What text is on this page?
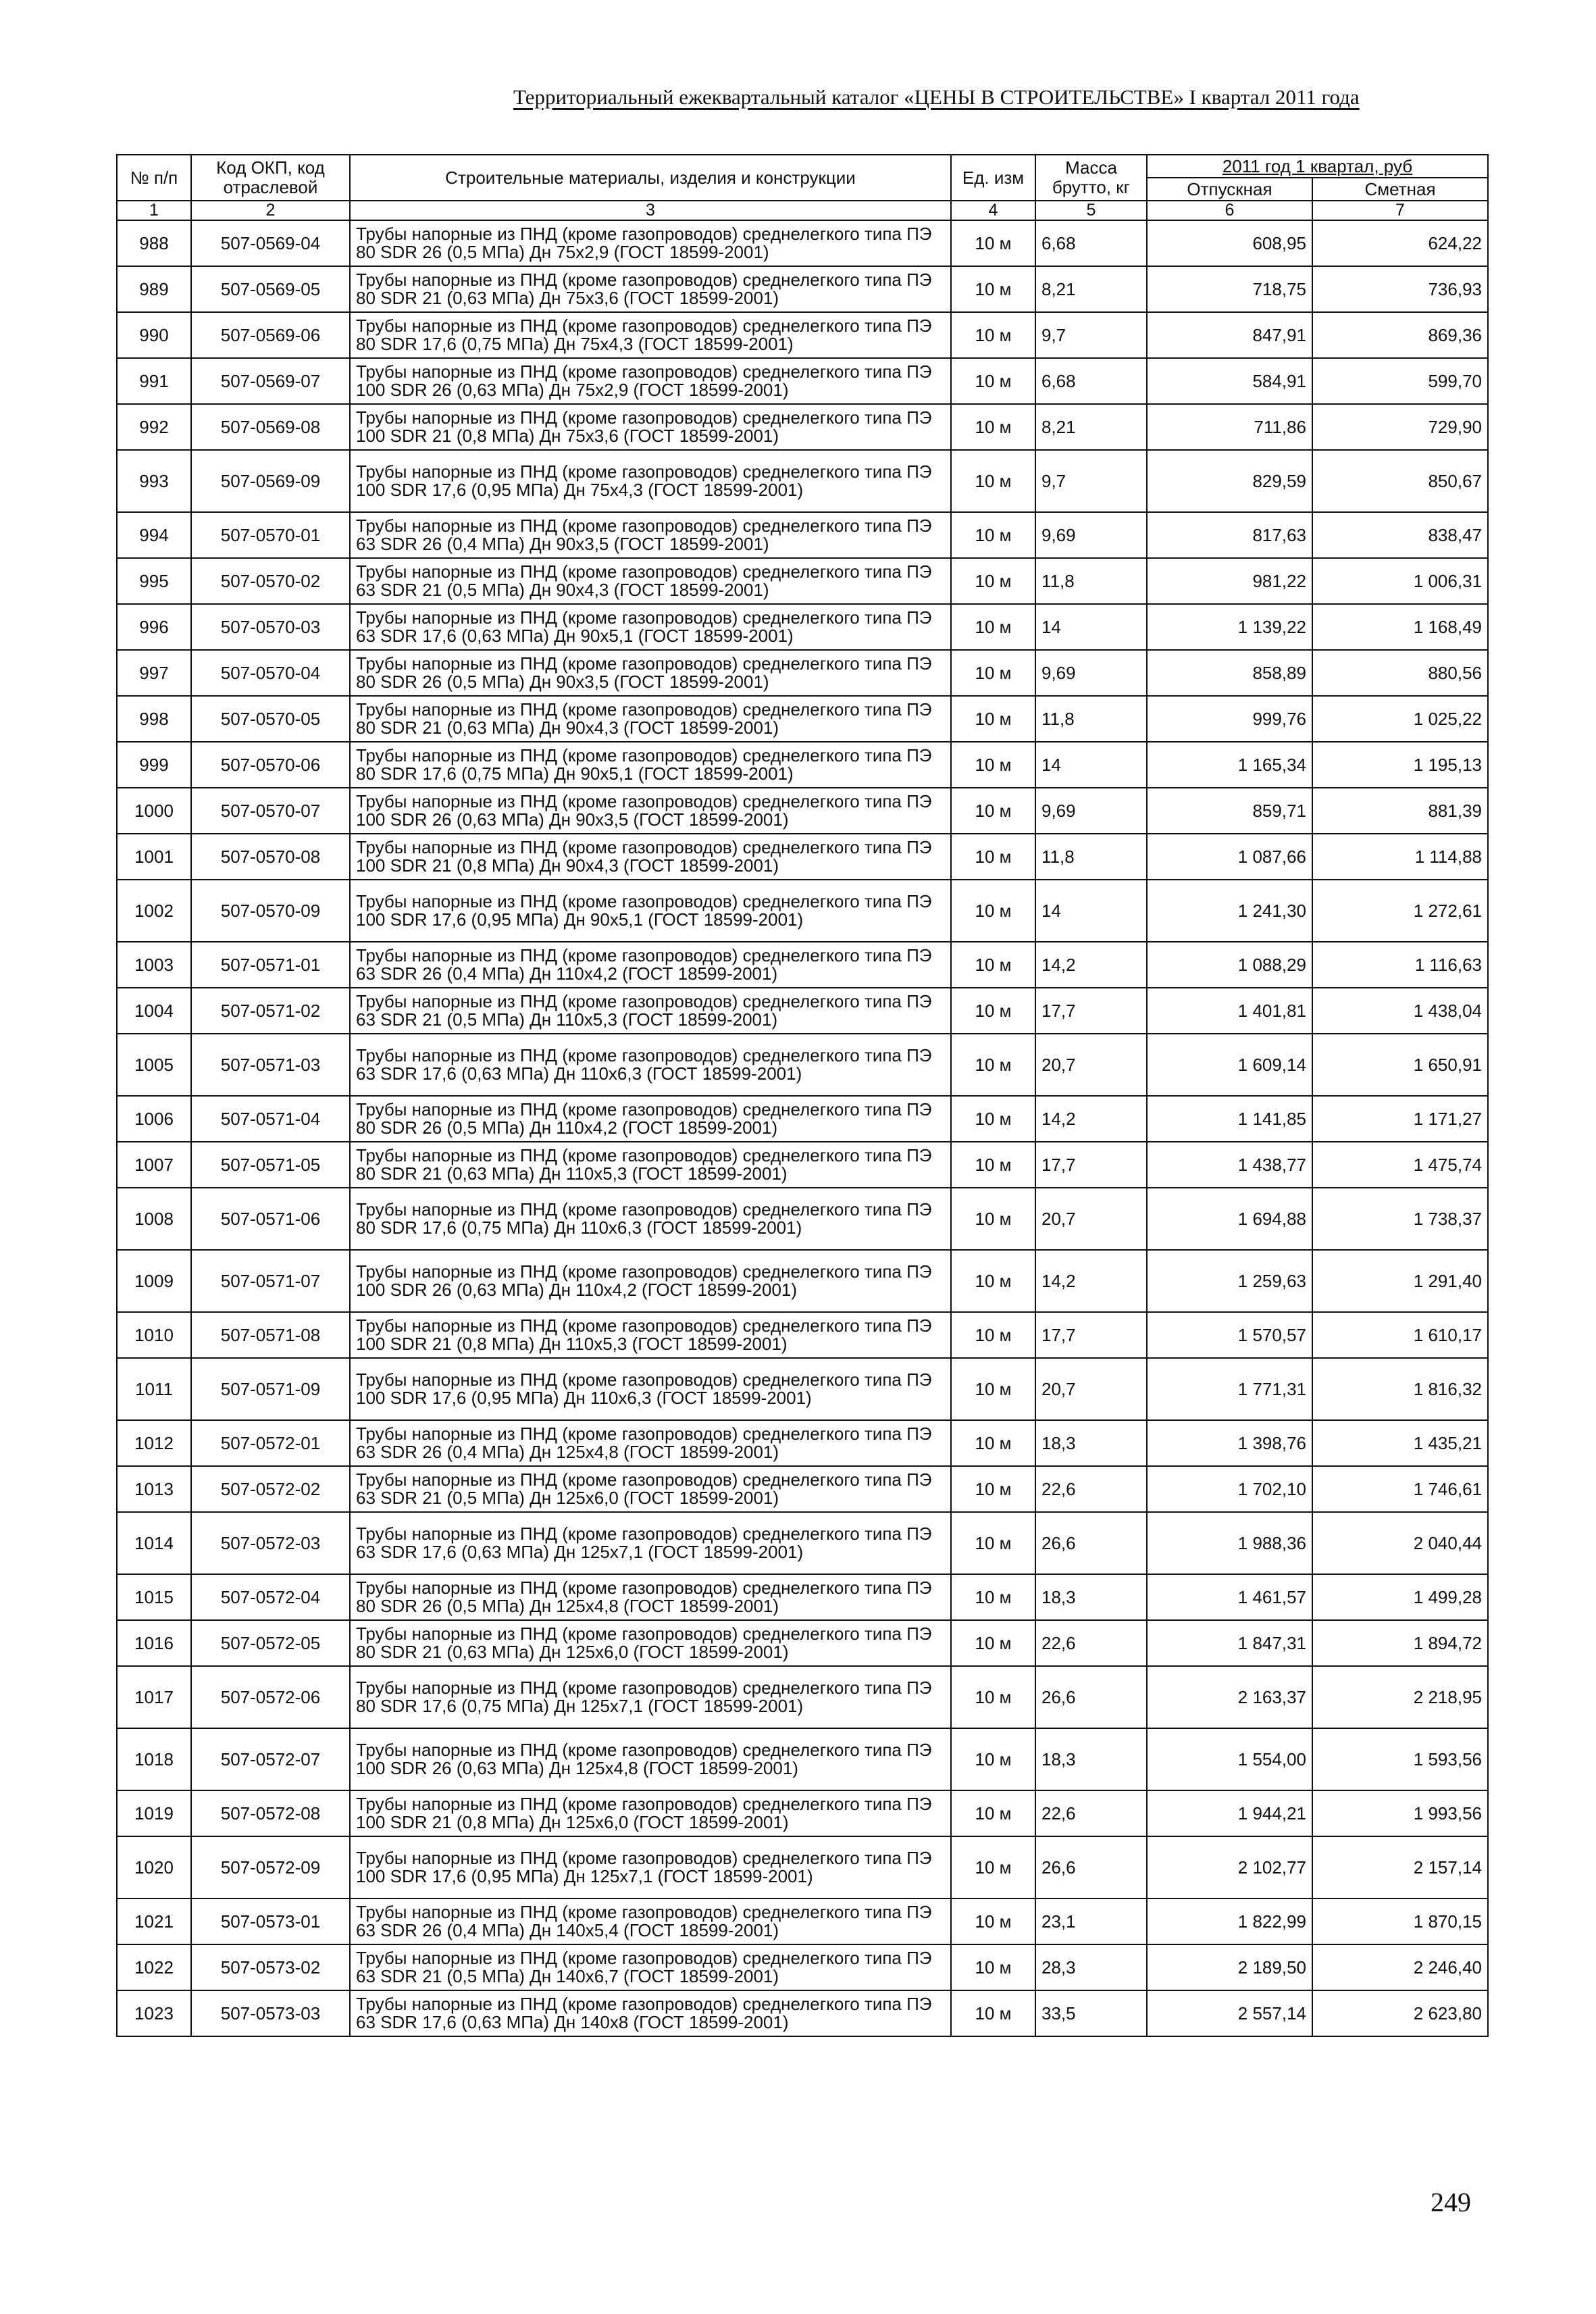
Территориальный ежеквартальный каталог «ЦЕНЫ В СТРОИТЕЛЬСТВЕ» I квартал 2011 года
№ п/п	Код ОКП, код отраслевой	Строительные материалы, изделия и конструкции	Ед. изм	Масса брутто, кг	2011 год 1 квартал, руб	
					Отпускная	Сметная
1	2	3	4	5	6	7
988	507-0569-04	Трубы напорные из ПНД (кроме газопроводов) среднелегкого типа ПЭ 80 SDR 26 (0,5 МПа) Дн 75х2,9 (ГОСТ 18599-2001)	10 м	6,68	608,95	624,22
989	507-0569-05	Трубы напорные из ПНД (кроме газопроводов) среднелегкого типа ПЭ 80 SDR 21 (0,63 МПа) Дн 75х3,6 (ГОСТ 18599-2001)	10 м	8,21	718,75	736,93
990	507-0569-06	Трубы напорные из ПНД (кроме газопроводов) среднелегкого типа ПЭ 80 SDR 17,6 (0,75 МПа) Дн 75х4,3 (ГОСТ 18599-2001)	10 м	9,7	847,91	869,36
991	507-0569-07	Трубы напорные из ПНД (кроме газопроводов) среднелегкого типа ПЭ 100 SDR 26 (0,63 МПа) Дн 75х2,9 (ГОСТ 18599-2001)	10 м	6,68	584,91	599,70
992	507-0569-08	Трубы напорные из ПНД (кроме газопроводов) среднелегкого типа ПЭ 100 SDR 21 (0,8 МПа) Дн 75х3,6 (ГОСТ 18599-2001)	10 м	8,21	711,86	729,90
993	507-0569-09	Трубы напорные из ПНД (кроме газопроводов) среднелегкого типа ПЭ 100 SDR 17,6 (0,95 МПа) Дн 75х4,3 (ГОСТ 18599-2001)	10 м	9,7	829,59	850,67
994	507-0570-01	Трубы напорные из ПНД (кроме газопроводов) среднелегкого типа ПЭ 63 SDR 26 (0,4 МПа) Дн 90х3,5 (ГОСТ 18599-2001)	10 м	9,69	817,63	838,47
995	507-0570-02	Трубы напорные из ПНД (кроме газопроводов) среднелегкого типа ПЭ 63 SDR 21 (0,5 МПа) Дн 90х4,3 (ГОСТ 18599-2001)	10 м	11,8	981,22	1 006,31
996	507-0570-03	Трубы напорные из ПНД (кроме газопроводов) среднелегкого типа ПЭ 63 SDR 17,6 (0,63 МПа) Дн 90х5,1 (ГОСТ 18599-2001)	10 м	14	1 139,22	1 168,49
997	507-0570-04	Трубы напорные из ПНД (кроме газопроводов) среднелегкого типа ПЭ 80 SDR 26 (0,5 МПа) Дн 90х3,5 (ГОСТ 18599-2001)	10 м	9,69	858,89	880,56
998	507-0570-05	Трубы напорные из ПНД (кроме газопроводов) среднелегкого типа ПЭ 80 SDR 21 (0,63 МПа) Дн 90х4,3 (ГОСТ 18599-2001)	10 м	11,8	999,76	1 025,22
999	507-0570-06	Трубы напорные из ПНД (кроме газопроводов) среднелегкого типа ПЭ 80 SDR 17,6 (0,75 МПа) Дн 90х5,1 (ГОСТ 18599-2001)	10 м	14	1 165,34	1 195,13
1000	507-0570-07	Трубы напорные из ПНД (кроме газопроводов) среднелегкого типа ПЭ 100 SDR 26 (0,63 МПа) Дн 90х3,5 (ГОСТ 18599-2001)	10 м	9,69	859,71	881,39
1001	507-0570-08	Трубы напорные из ПНД (кроме газопроводов) среднелегкого типа ПЭ 100 SDR 21 (0,8 МПа) Дн 90х4,3 (ГОСТ 18599-2001)	10 м	11,8	1 087,66	1 114,88
1002	507-0570-09	Трубы напорные из ПНД (кроме газопроводов) среднелегкого типа ПЭ 100 SDR 17,6 (0,95 МПа) Дн 90х5,1 (ГОСТ 18599-2001)	10 м	14	1 241,30	1 272,61
1003	507-0571-01	Трубы напорные из ПНД (кроме газопроводов) среднелегкого типа ПЭ 63 SDR 26 (0,4 МПа) Дн 110х4,2 (ГОСТ 18599-2001)	10 м	14,2	1 088,29	1 116,63
1004	507-0571-02	Трубы напорные из ПНД (кроме газопроводов) среднелегкого типа ПЭ 63 SDR 21 (0,5 МПа) Дн 110х5,3 (ГОСТ 18599-2001)	10 м	17,7	1 401,81	1 438,04
1005	507-0571-03	Трубы напорные из ПНД (кроме газопроводов) среднелегкого типа ПЭ 63 SDR 17,6 (0,63 МПа) Дн 110х6,3 (ГОСТ 18599-2001)	10 м	20,7	1 609,14	1 650,91
1006	507-0571-04	Трубы напорные из ПНД (кроме газопроводов) среднелегкого типа ПЭ 80 SDR 26 (0,5 МПа) Дн 110х4,2 (ГОСТ 18599-2001)	10 м	14,2	1 141,85	1 171,27
1007	507-0571-05	Трубы напорные из ПНД (кроме газопроводов) среднелегкого типа ПЭ 80 SDR 21 (0,63 МПа) Дн 110х5,3 (ГОСТ 18599-2001)	10 м	17,7	1 438,77	1 475,74
1008	507-0571-06	Трубы напорные из ПНД (кроме газопроводов) среднелегкого типа ПЭ 80 SDR 17,6 (0,75 МПа) Дн 110х6,3 (ГОСТ 18599-2001)	10 м	20,7	1 694,88	1 738,37
1009	507-0571-07	Трубы напорные из ПНД (кроме газопроводов) среднелегкого типа ПЭ 100 SDR 26 (0,63 МПа) Дн 110х4,2 (ГОСТ 18599-2001)	10 м	14,2	1 259,63	1 291,40
1010	507-0571-08	Трубы напорные из ПНД (кроме газопроводов) среднелегкого типа ПЭ 100 SDR 21 (0,8 МПа) Дн 110х5,3 (ГОСТ 18599-2001)	10 м	17,7	1 570,57	1 610,17
1011	507-0571-09	Трубы напорные из ПНД (кроме газопроводов) среднелегкого типа ПЭ 100 SDR 17,6 (0,95 МПа) Дн 110х6,3 (ГОСТ 18599-2001)	10 м	20,7	1 771,31	1 816,32
1012	507-0572-01	Трубы напорные из ПНД (кроме газопроводов) среднелегкого типа ПЭ 63 SDR 26 (0,4 МПа) Дн 125х4,8 (ГОСТ 18599-2001)	10 м	18,3	1 398,76	1 435,21
1013	507-0572-02	Трубы напорные из ПНД (кроме газопроводов) среднелегкого типа ПЭ 63 SDR 21 (0,5 МПа) Дн 125х6,0 (ГОСТ 18599-2001)	10 м	22,6	1 702,10	1 746,61
1014	507-0572-03	Трубы напорные из ПНД (кроме газопроводов) среднелегкого типа ПЭ 63 SDR 17,6 (0,63 МПа) Дн 125х7,1 (ГОСТ 18599-2001)	10 м	26,6	1 988,36	2 040,44
1015	507-0572-04	Трубы напорные из ПНД (кроме газопроводов) среднелегкого типа ПЭ 80 SDR 26 (0,5 МПа) Дн 125х4,8 (ГОСТ 18599-2001)	10 м	18,3	1 461,57	1 499,28
1016	507-0572-05	Трубы напорные из ПНД (кроме газопроводов) среднелегкого типа ПЭ 80 SDR 21 (0,63 МПа) Дн 125х6,0 (ГОСТ 18599-2001)	10 м	22,6	1 847,31	1 894,72
1017	507-0572-06	Трубы напорные из ПНД (кроме газопроводов) среднелегкого типа ПЭ 80 SDR 17,6 (0,75 МПа) Дн 125х7,1 (ГОСТ 18599-2001)	10 м	26,6	2 163,37	2 218,95
1018	507-0572-07	Трубы напорные из ПНД (кроме газопроводов) среднелегкого типа ПЭ 100 SDR 26 (0,63 МПа) Дн 125х4,8 (ГОСТ 18599-2001)	10 м	18,3	1 554,00	1 593,56
1019	507-0572-08	Трубы напорные из ПНД (кроме газопроводов) среднелегкого типа ПЭ 100 SDR 21 (0,8 МПа) Дн 125х6,0 (ГОСТ 18599-2001)	10 м	22,6	1 944,21	1 993,56
1020	507-0572-09	Трубы напорные из ПНД (кроме газопроводов) среднелегкого типа ПЭ 100 SDR 17,6 (0,95 МПа) Дн 125х7,1 (ГОСТ 18599-2001)	10 м	26,6	2 102,77	2 157,14
1021	507-0573-01	Трубы напорные из ПНД (кроме газопроводов) среднелегкого типа ПЭ 63 SDR 26 (0,4 МПа) Дн 140х5,4 (ГОСТ 18599-2001)	10 м	23,1	1 822,99	1 870,15
1022	507-0573-02	Трубы напорные из ПНД (кроме газопроводов) среднелегкого типа ПЭ 63 SDR 21 (0,5 МПа) Дн 140х6,7 (ГОСТ 18599-2001)	10 м	28,3	2 189,50	2 246,40
1023	507-0573-03	Трубы напорные из ПНД (кроме газопроводов) среднелегкого типа ПЭ 63 SDR 17,6 (0,63 МПа) Дн 140х8 (ГОСТ 18599-2001)	10 м	33,5	2 557,14	2 623,80
249
